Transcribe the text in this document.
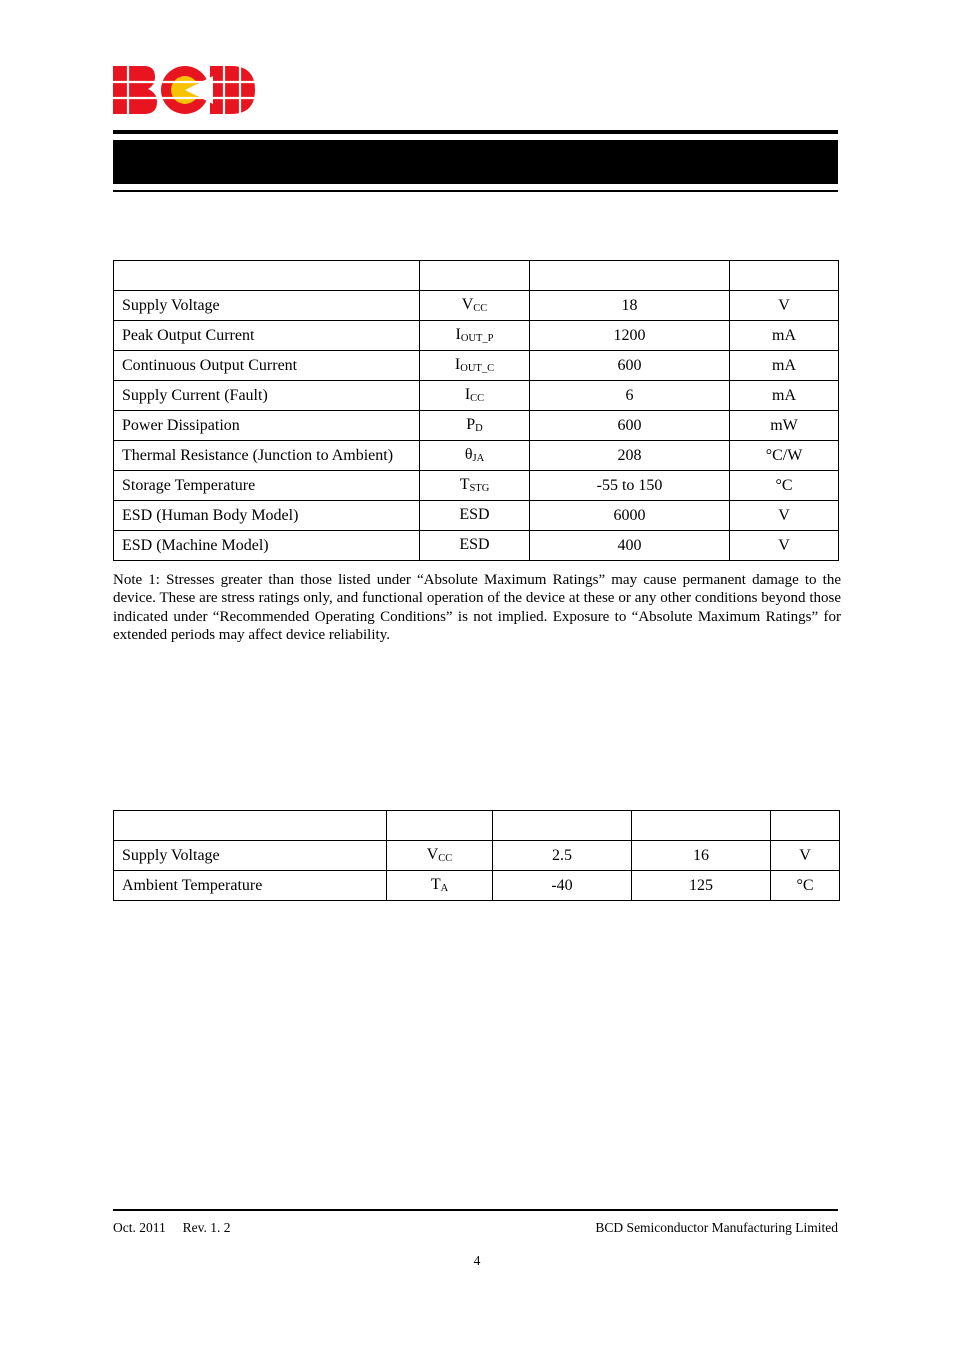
Supply Voltage	$V_{CC}$	18	V
Peak Output Current	$I_{OUT\_P}$	1200	mA
Continuous Output Current	$I_{OUT\_C}$	600	mA
Supply Current (Fault)	$I_{CC}$	6	mA
Power Dissipation	$P_D$	600	mW
Thermal Resistance (Junction to Ambient)	$\theta_{JA}$	208	°C/W
Storage Temperature	$T_{STG}$	-55 to 150	°C
ESD (Human Body Model)	ESD	6000	V
ESD (Machine Model)	ESD	400	V
Note 1: Stresses greater than those listed under “Absolute Maximum Ratings” may cause permanent damage to the device. These are stress ratings only, and functional operation of the device at these or any other conditions beyond those indicated under “Recommended Operating Conditions” is not implied. Exposure to “Absolute Maximum Ratings” for extended periods may affect device reliability.

Supply Voltage	$V_{CC}$	2.5	16	V
Ambient Temperature	$T_A$	-40	125	°C
Oct. 2011     Rev. 1. 2	BCD Semiconductor Manufacturing Limited
4
